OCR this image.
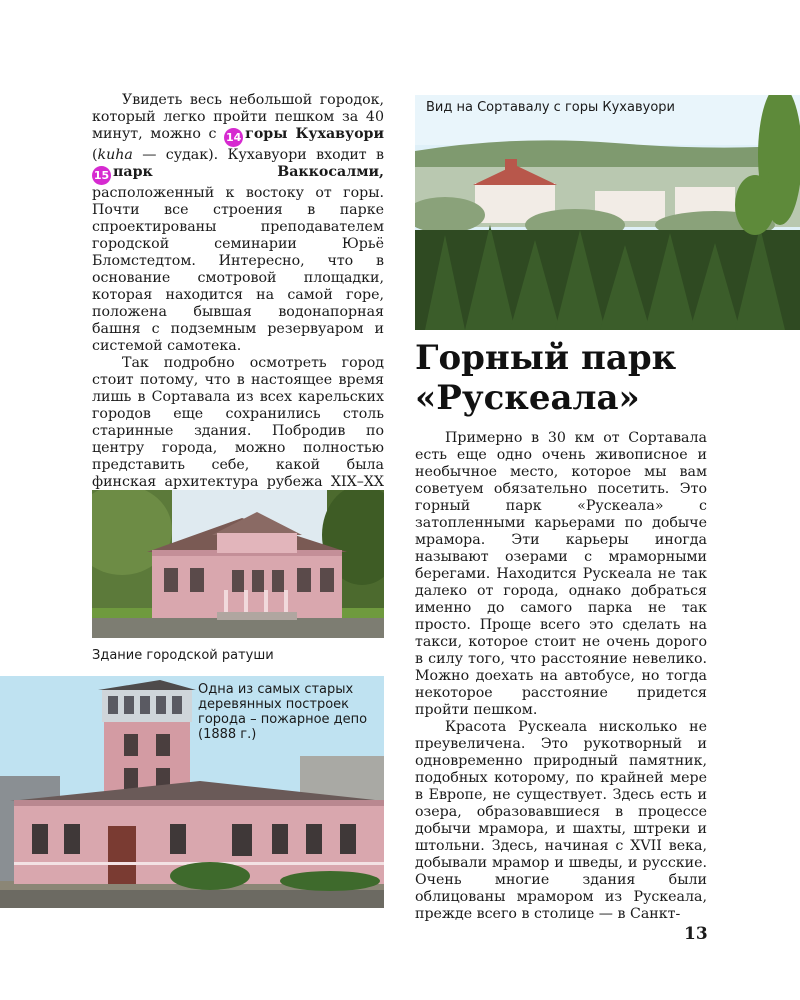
Увидеть весь небольшой городок, который легко пройти пешком за 40 минут, можно с 14 горы Кухавуори (kuha — судак). Кухавуори входит в 15 парк Ваккосалми, расположенный к востоку от горы. Почти все строения в парке спроектированы преподавателем городской семинарии Юрьё Бломстедтом. Интересно, что в основание смотровой площадки, которая находится на самой горе, положена бывшая водонапорная башня с подземным резервуаром и системой самотека.

Так подробно осмотреть город стоит потому, что в настоящее время лишь в Сортавала из всех карельских городов еще сохранились столь старинные здания. Побродив по центру города, можно полностью представить себе, какой была финская архитектура рубежа XIX–XX

Здание городской ратуши
Одна из самых старых деревянных построек города – пожарное депо (1888 г.)
Вид на Сортавалу с горы Кухавуори
Горный парк «Рускеала»

Примерно в 30 км от Сортавала есть еще одно очень живописное и необычное место, которое мы вам советуем обязательно посетить. Это горный парк «Рускеала» с затопленными карьерами по добыче мрамора. Эти карьеры иногда называют озерами с мраморными берегами. Находится Рускеала не так далеко от города, однако добраться именно до самого парка не так просто. Проще всего это сделать на такси, которое стоит не очень дорого в силу того, что расстояние невелико. Можно доехать на автобусе, но тогда некоторое расстояние придется пройти пешком.

Красота Рускеала нисколько не преувеличена. Это рукотворный и одновременно природный памятник, подобных которому, по крайней мере в Европе, не существует. Здесь есть и озера, образовавшиеся в процессе добычи мрамора, и шахты, штреки и штольни. Здесь, начиная с XVII века, добывали мрамор и шведы, и русские. Очень многие здания были облицованы мрамором из Рускеала, прежде всего в столице — в Санкт-

13
